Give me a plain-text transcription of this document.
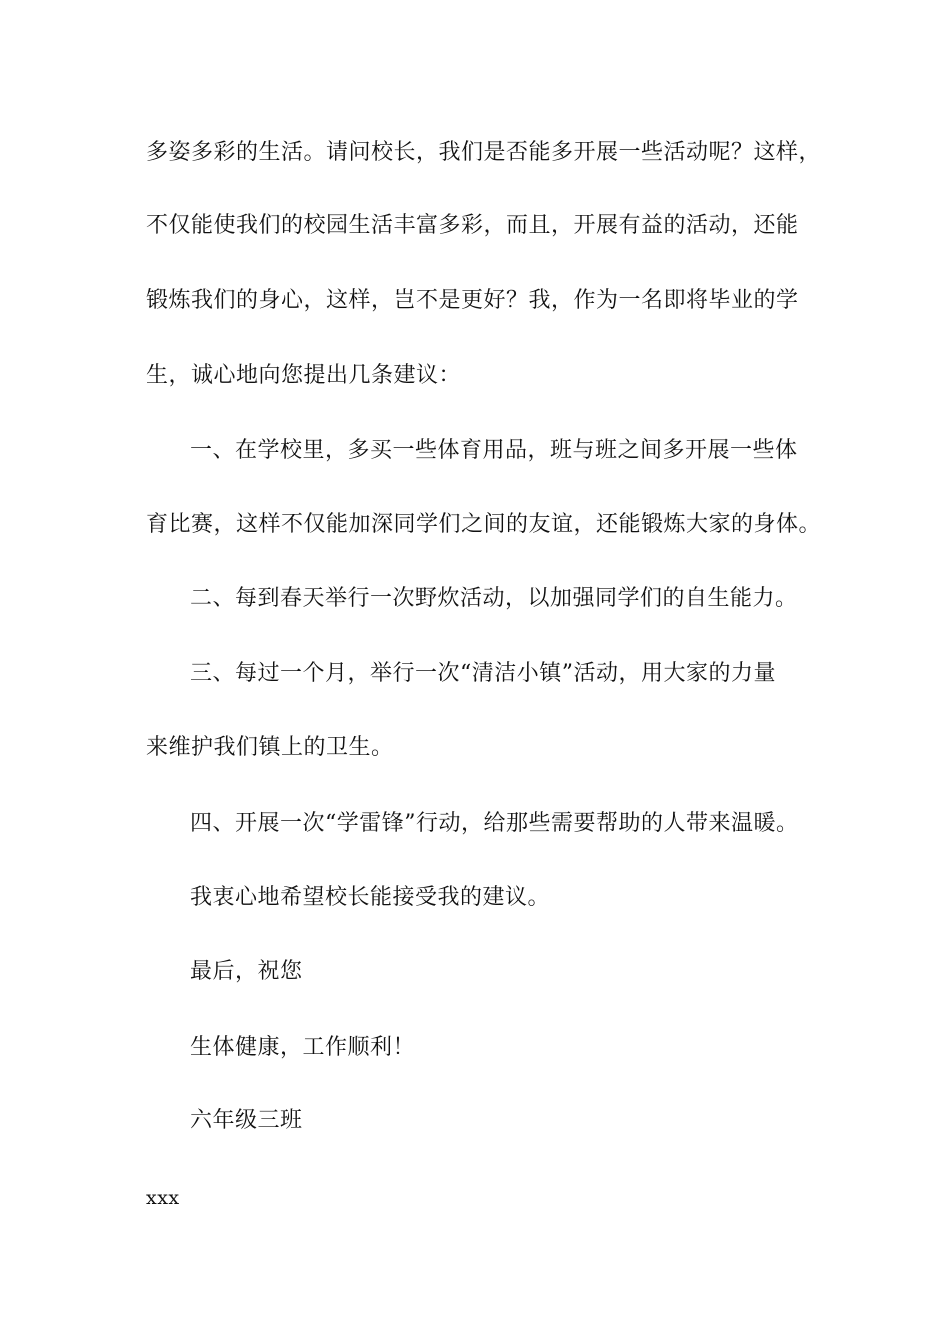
多姿多彩的生活。请问校长，我们是否能多开展一些活动呢？这样，
不仅能使我们的校园生活丰富多彩，而且，开展有益的活动，还能
锻炼我们的身心，这样，岂不是更好？我，作为一名即将毕业的学
生，诚心地向您提出几条建议：
一、在学校里，多买一些体育用品，班与班之间多开展一些体
育比赛，这样不仅能加深同学们之间的友谊，还能锻炼大家的身体。
二、每到春天举行一次野炊活动，以加强同学们的自生能力。
三、每过一个月，举行一次“清洁小镇”活动，用大家的力量
来维护我们镇上的卫生。
四、开展一次“学雷锋”行动，给那些需要帮助的人带来温暖。
我衷心地希望校长能接受我的建议。
最后，祝您
生体健康，工作顺利！
六年级三班
xxx
